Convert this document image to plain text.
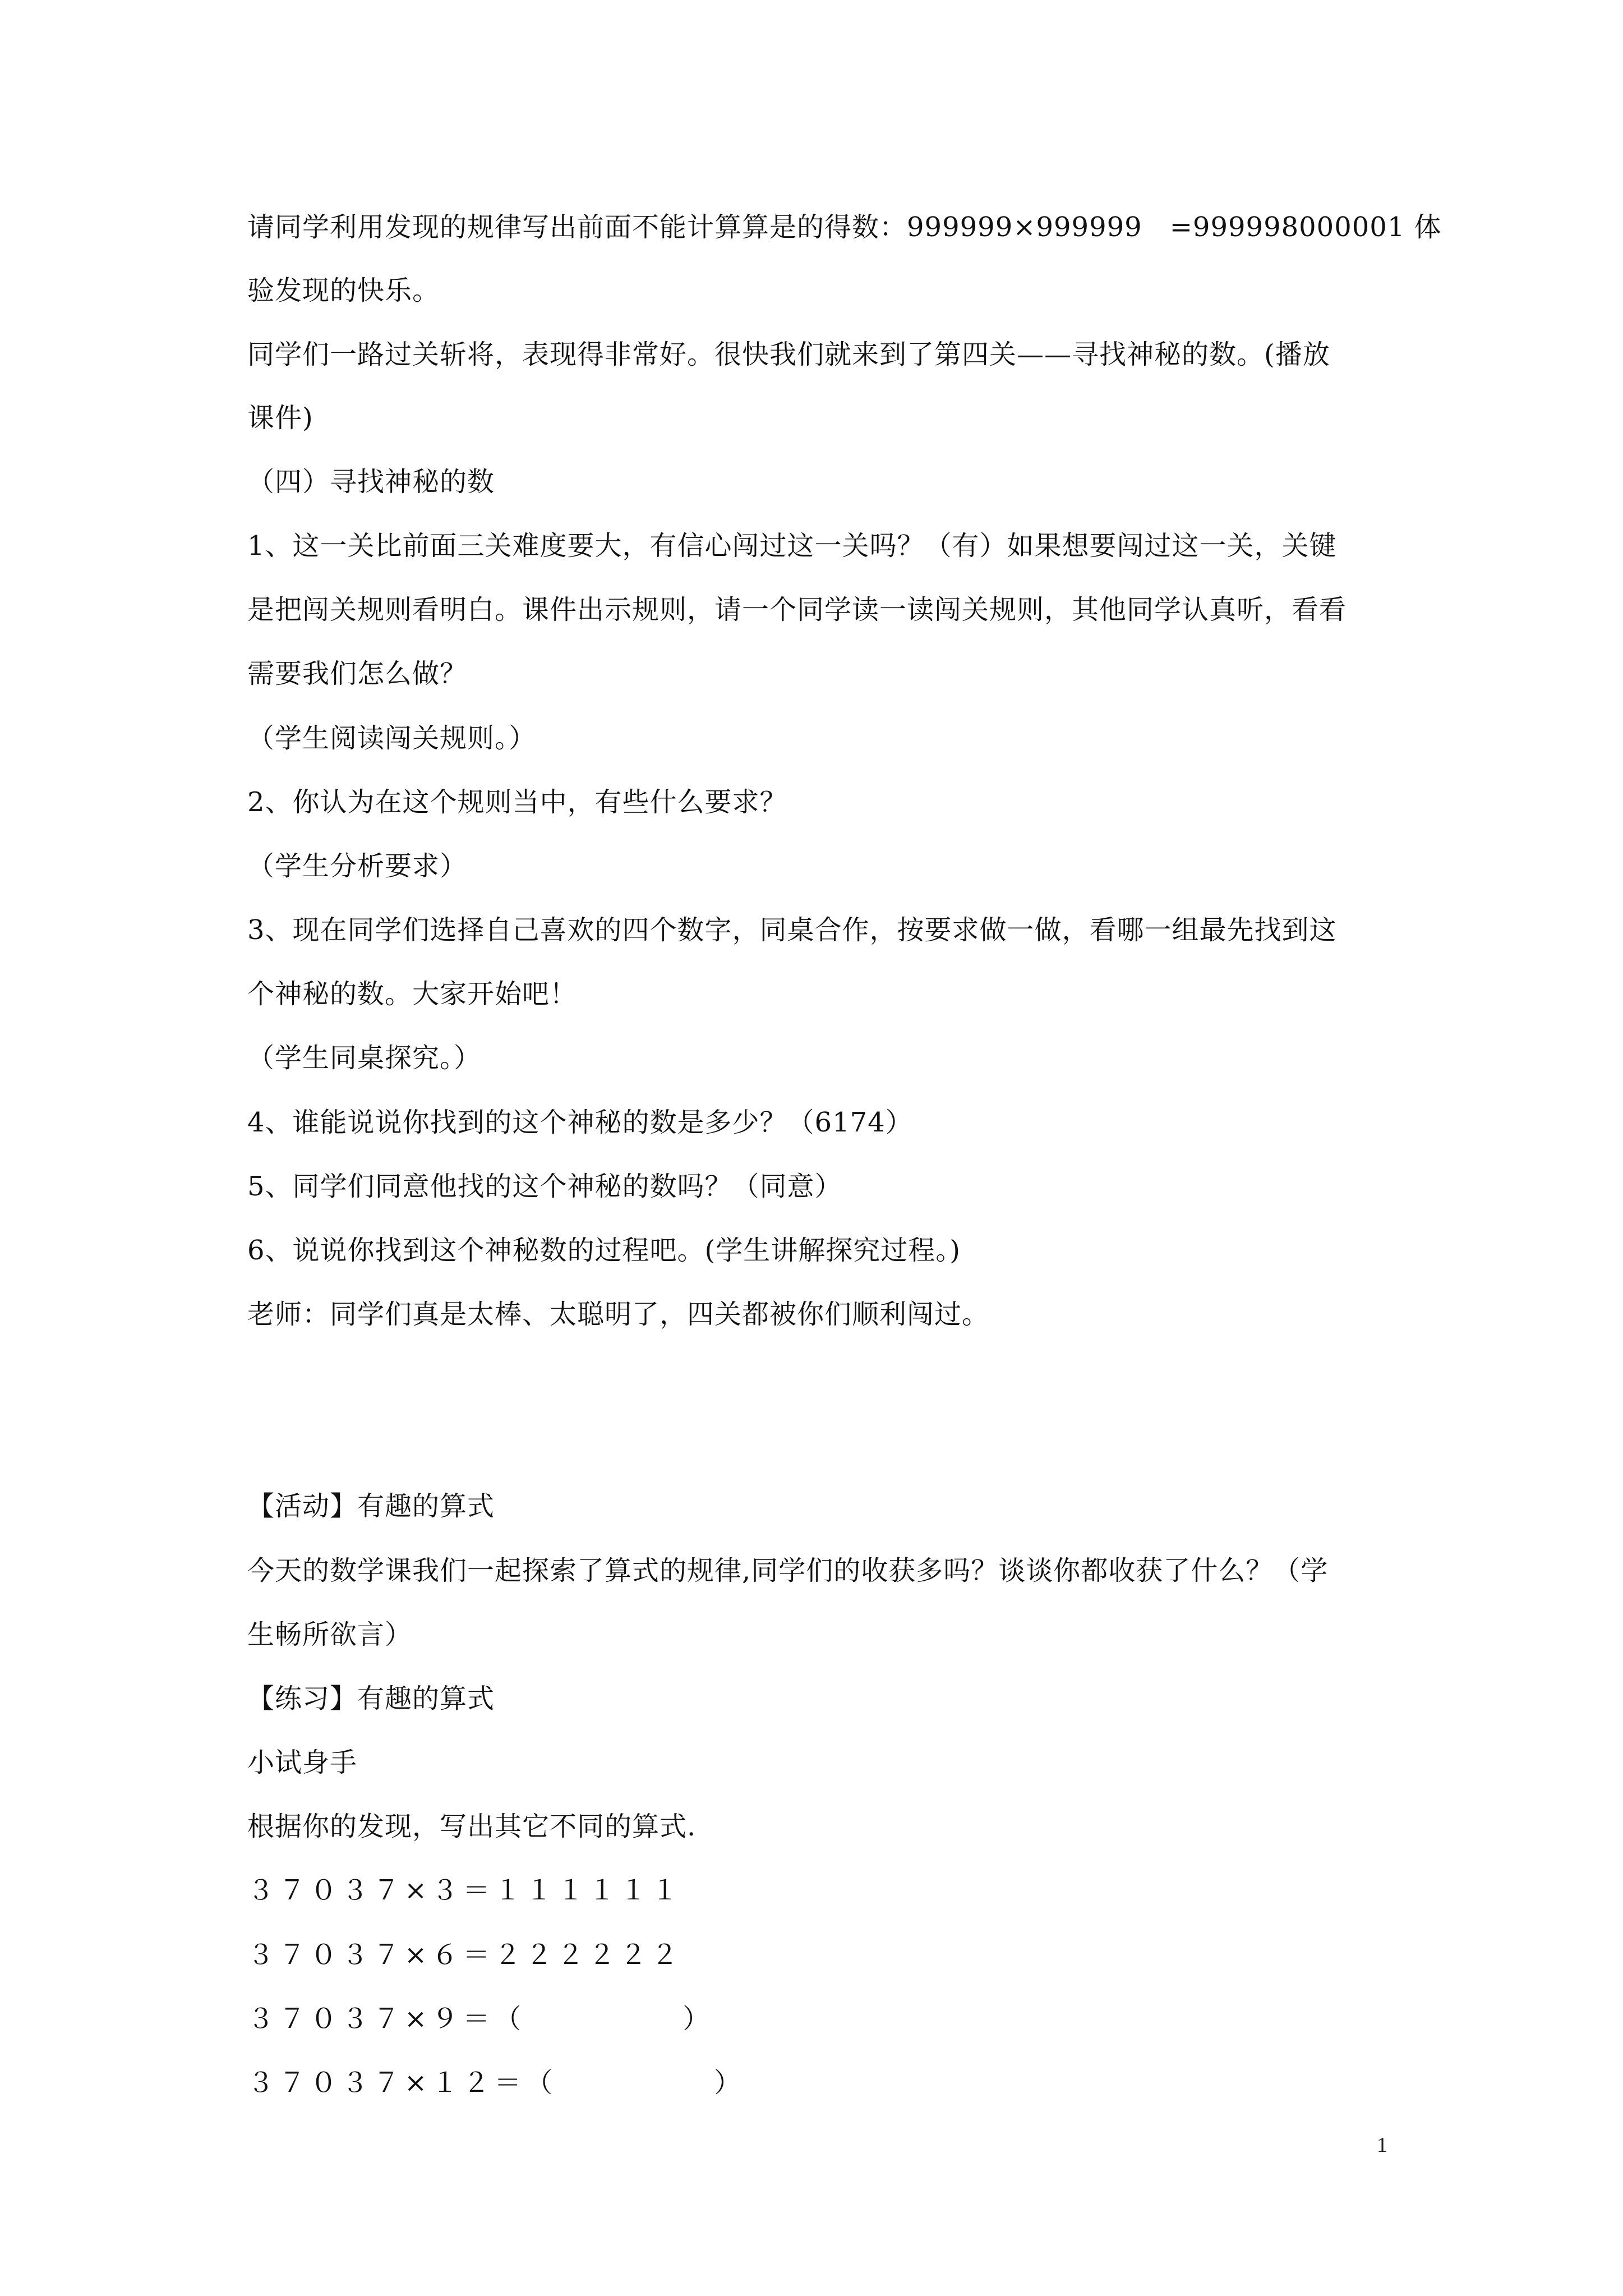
请同学利用发现的规律写出前面不能计算算是的得数：999999×999999　=999998000001 体
验发现的快乐。
同学们一路过关斩将，表现得非常好。很快我们就来到了第四关——寻找神秘的数。(播放
课件)
（四）寻找神秘的数
1、这一关比前面三关难度要大，有信心闯过这一关吗？（有）如果想要闯过这一关，关键
是把闯关规则看明白。课件出示规则，请一个同学读一读闯关规则，其他同学认真听，看看
需要我们怎么做？
（学生阅读闯关规则。）
2、你认为在这个规则当中，有些什么要求？
（学生分析要求）
3、现在同学们选择自己喜欢的四个数字，同桌合作，按要求做一做，看哪一组最先找到这
个神秘的数。大家开始吧！
（学生同桌探究。）
4、谁能说说你找到的这个神秘的数是多少？（6174）
5、同学们同意他找的这个神秘的数吗？（同意）
6、说说你找到这个神秘数的过程吧。(学生讲解探究过程。)
老师：同学们真是太棒、太聪明了，四关都被你们顺利闯过。
【活动】有趣的算式
今天的数学课我们一起探索了算式的规律,同学们的收获多吗？谈谈你都收获了什么？（学
生畅所欲言）
【练习】有趣的算式
小试身手
根据你的发现，写出其它不同的算式.
３７０３７×３＝１１１１１１
３７０３７×６＝２２２２２２
３７０３７×９＝（　　　　　）
３７０３７×１２＝（　　　　　）
1
